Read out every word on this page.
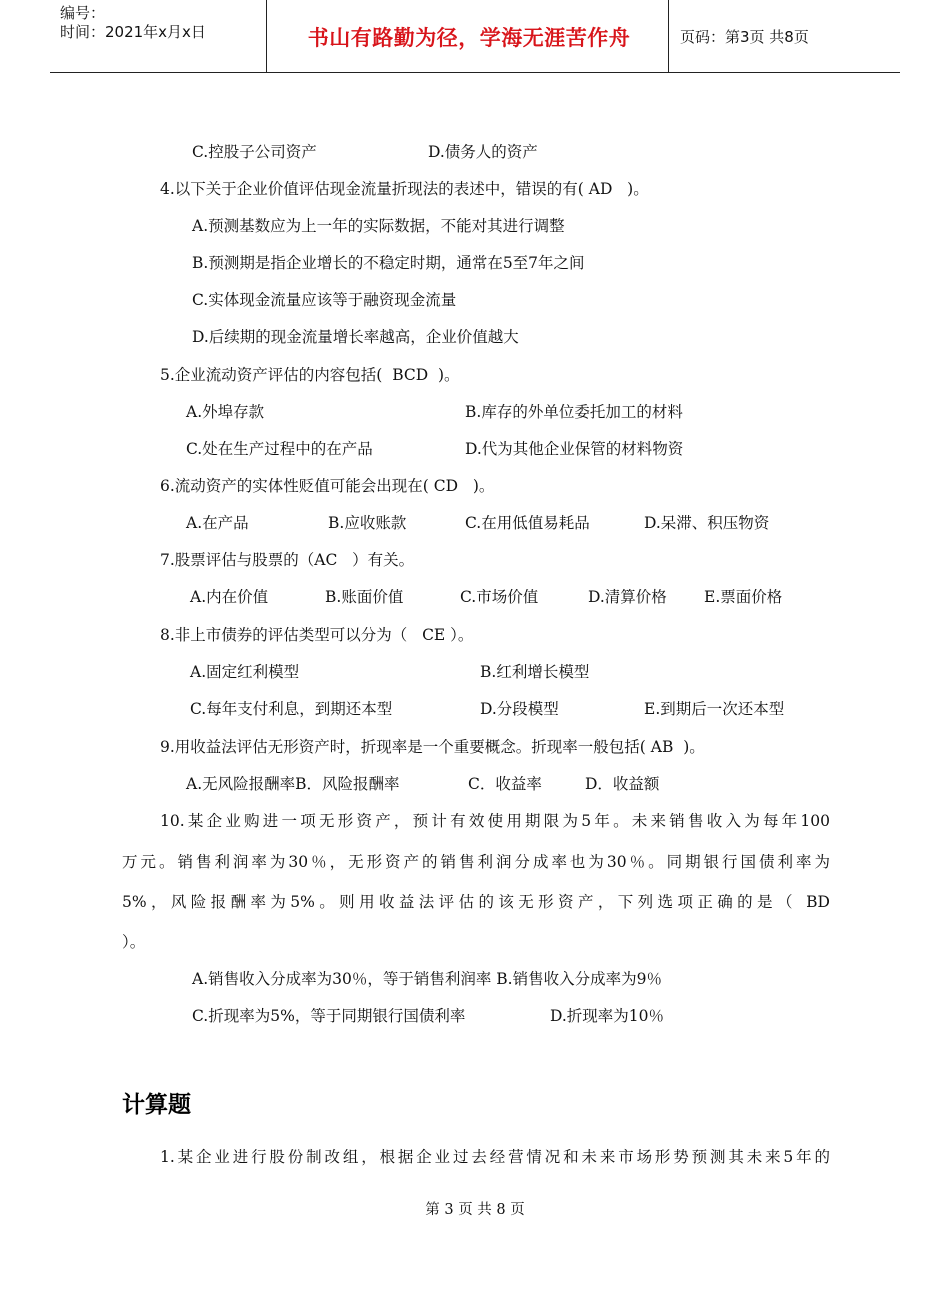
编号：
时间：2021年x月x日	书山有路勤为径，学海无涯苦作舟	页码：第3页 共8页
C.控股子公司资产	D.债务人的资产
4.以下关于企业价值评估现金流量折现法的表述中，错误的有( AD   )。
A.预测基数应为上一年的实际数据，不能对其进行调整
B.预测期是指企业增长的不稳定时期，通常在5至7年之间
C.实体现金流量应该等于融资现金流量
D.后续期的现金流量增长率越高，企业价值越大
5.企业流动资产评估的内容包括(  BCD  )。
A.外埠存款	B.库存的外单位委托加工的材料
C.处在生产过程中的在产品	D.代为其他企业保管的材料物资
6.流动资产的实体性贬值可能会出现在( CD   )。
A.在产品	B.应收账款	C.在用低值易耗品	D.呆滞、积压物资
7.股票评估与股票的（AC   ）有关。
A.内在价值	B.账面价值	C.市场价值	D.清算价格 E.票面价格
8.非上市债券的评估类型可以分为（   CE ）。
A.固定红利模型	B.红利增长模型
C.每年支付利息，到期还本型	D.分段模型	E.到期后一次还本型
9.用收益法评估无形资产时，折现率是一个重要概念。折现率一般包括( AB  )。
A.无风险报酬率B．风险报酬率	C．收益率	D．收益额
10.某企业购进一项无形资产，预计有效使用期限为5年。未来销售收入为每年100
万元。销售利润率为30％，无形资产的销售利润分成率也为30％。同期银行国债利率为
5%，风险报酬率为5%。则用收益法评估的该无形资产，下列选项正确的是（ BD
）。
A.销售收入分成率为30％，等于销售利润率 B.销售收入分成率为9％
C.折现率为5%，等于同期银行国债利率	D.折现率为10％
计算题
1.某企业进行股份制改组，根据企业过去经营情况和未来市场形势预测其未来5年的
第 3 页 共 8 页
